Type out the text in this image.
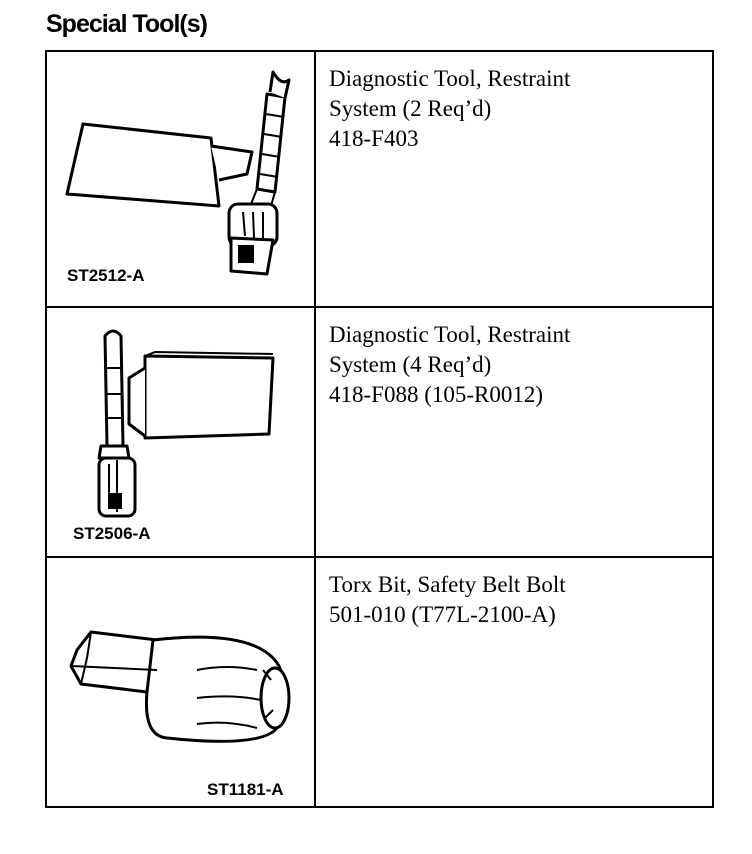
Special Tool(s)
ST2512-A
Diagnostic Tool, Restraint
System (2 Req’d)
418-F403
ST2506-A
Diagnostic Tool, Restraint
System (4 Req’d)
418-F088 (105-R0012)
ST1181-A
Torx Bit, Safety Belt Bolt
501-010 (T77L-2100-A)
